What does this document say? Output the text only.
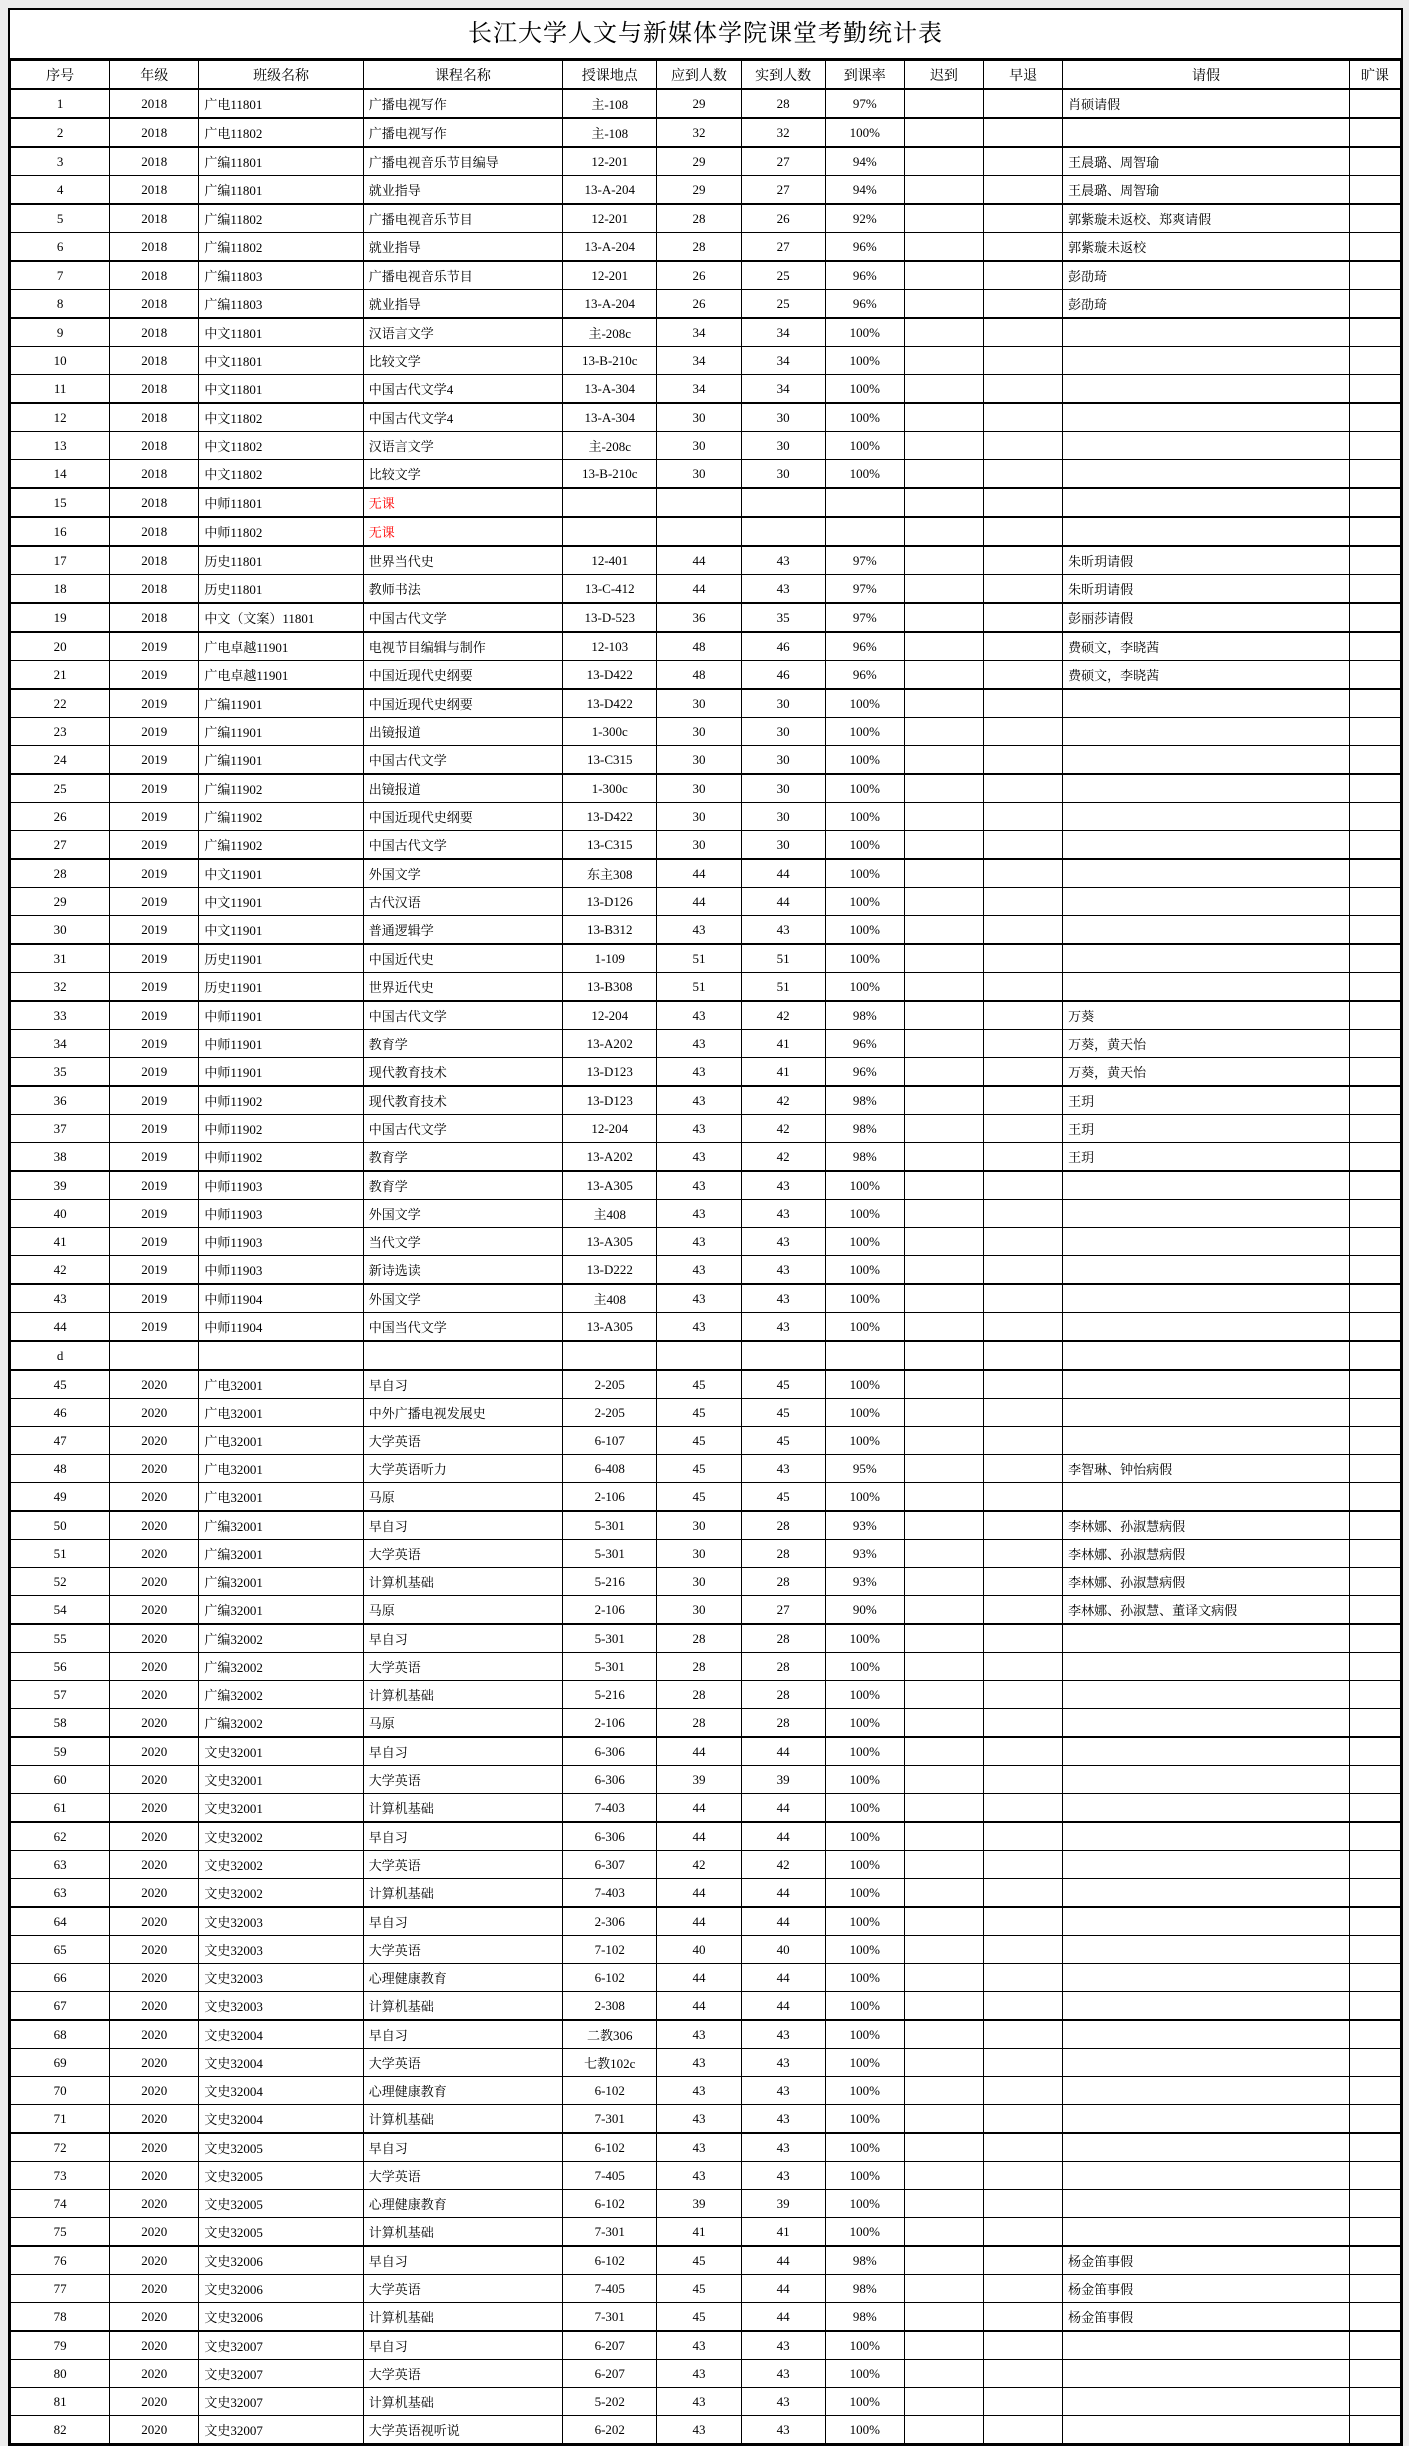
长江大学人文与新媒体学院课堂考勤统计表
序号	年级	班级名称	课程名称	授课地点	应到人数	实到人数	到课率	迟到	早退	请假	旷课
1	2018	广电11801	广播电视写作	主-108	29	28	97%			肖硕请假	
2	2018	广电11802	广播电视写作	主-108	32	32	100%				
3	2018	广编11801	广播电视音乐节目编导	12-201	29	27	94%			王晨璐、周智瑜	
4	2018	广编11801	就业指导	13-A-204	29	27	94%			王晨璐、周智瑜	
5	2018	广编11802	广播电视音乐节目	12-201	28	26	92%			郭紫璇未返校、郑爽请假	
6	2018	广编11802	就业指导	13-A-204	28	27	96%			郭紫璇未返校	
7	2018	广编11803	广播电视音乐节目	12-201	26	25	96%			彭劭琦	
8	2018	广编11803	就业指导	13-A-204	26	25	96%			彭劭琦	
9	2018	中文11801	汉语言文学	主-208c	34	34	100%				
10	2018	中文11801	比较文学	13-B-210c	34	34	100%				
11	2018	中文11801	中国古代文学4	13-A-304	34	34	100%				
12	2018	中文11802	中国古代文学4	13-A-304	30	30	100%				
13	2018	中文11802	汉语言文学	主-208c	30	30	100%				
14	2018	中文11802	比较文学	13-B-210c	30	30	100%				
15	2018	中师11801	无课								
16	2018	中师11802	无课								
17	2018	历史11801	世界当代史	12-401	44	43	97%			朱昕玥请假	
18	2018	历史11801	教师书法	13-C-412	44	43	97%			朱昕玥请假	
19	2018	中文（文案）11801	中国古代文学	13-D-523	36	35	97%			彭丽莎请假	
20	2019	广电卓越11901	电视节目编辑与制作	12-103	48	46	96%			费硕文，李晓茜	
21	2019	广电卓越11901	中国近现代史纲要	13-D422	48	46	96%			费硕文，李晓茜	
22	2019	广编11901	中国近现代史纲要	13-D422	30	30	100%				
23	2019	广编11901	出镜报道	1-300c	30	30	100%				
24	2019	广编11901	中国古代文学	13-C315	30	30	100%				
25	2019	广编11902	出镜报道	1-300c	30	30	100%				
26	2019	广编11902	中国近现代史纲要	13-D422	30	30	100%				
27	2019	广编11902	中国古代文学	13-C315	30	30	100%				
28	2019	中文11901	外国文学	东主308	44	44	100%				
29	2019	中文11901	古代汉语	13-D126	44	44	100%				
30	2019	中文11901	普通逻辑学	13-B312	43	43	100%				
31	2019	历史11901	中国近代史	1-109	51	51	100%				
32	2019	历史11901	世界近代史	13-B308	51	51	100%				
33	2019	中师11901	中国古代文学	12-204	43	42	98%			万葵	
34	2019	中师11901	教育学	13-A202	43	41	96%			万葵，黄天怡	
35	2019	中师11901	现代教育技术	13-D123	43	41	96%			万葵，黄天怡	
36	2019	中师11902	现代教育技术	13-D123	43	42	98%			王玥	
37	2019	中师11902	中国古代文学	12-204	43	42	98%			王玥	
38	2019	中师11902	教育学	13-A202	43	42	98%			王玥	
39	2019	中师11903	教育学	13-A305	43	43	100%				
40	2019	中师11903	外国文学	主408	43	43	100%				
41	2019	中师11903	当代文学	13-A305	43	43	100%				
42	2019	中师11903	新诗选读	13-D222	43	43	100%				
43	2019	中师11904	外国文学	主408	43	43	100%				
44	2019	中师11904	中国当代文学	13-A305	43	43	100%				
d											
45	2020	广电32001	早自习	2-205	45	45	100%				
46	2020	广电32001	中外广播电视发展史	2-205	45	45	100%				
47	2020	广电32001	大学英语	6-107	45	45	100%				
48	2020	广电32001	大学英语听力	6-408	45	43	95%			李智琳、钟怡病假	
49	2020	广电32001	马原	2-106	45	45	100%				
50	2020	广编32001	早自习	5-301	30	28	93%			李林娜、孙淑慧病假	
51	2020	广编32001	大学英语	5-301	30	28	93%			李林娜、孙淑慧病假	
52	2020	广编32001	计算机基础	5-216	30	28	93%			李林娜、孙淑慧病假	
54	2020	广编32001	马原	2-106	30	27	90%			李林娜、孙淑慧、董译文病假	
55	2020	广编32002	早自习	5-301	28	28	100%				
56	2020	广编32002	大学英语	5-301	28	28	100%				
57	2020	广编32002	计算机基础	5-216	28	28	100%				
58	2020	广编32002	马原	2-106	28	28	100%				
59	2020	文史32001	早自习	6-306	44	44	100%				
60	2020	文史32001	大学英语	6-306	39	39	100%				
61	2020	文史32001	计算机基础	7-403	44	44	100%				
62	2020	文史32002	早自习	6-306	44	44	100%				
63	2020	文史32002	大学英语	6-307	42	42	100%				
63	2020	文史32002	计算机基础	7-403	44	44	100%				
64	2020	文史32003	早自习	2-306	44	44	100%				
65	2020	文史32003	大学英语	7-102	40	40	100%				
66	2020	文史32003	心理健康教育	6-102	44	44	100%				
67	2020	文史32003	计算机基础	2-308	44	44	100%				
68	2020	文史32004	早自习	二教306	43	43	100%				
69	2020	文史32004	大学英语	七教102c	43	43	100%				
70	2020	文史32004	心理健康教育	6-102	43	43	100%				
71	2020	文史32004	计算机基础	7-301	43	43	100%				
72	2020	文史32005	早自习	6-102	43	43	100%				
73	2020	文史32005	大学英语	7-405	43	43	100%				
74	2020	文史32005	心理健康教育	6-102	39	39	100%				
75	2020	文史32005	计算机基础	7-301	41	41	100%				
76	2020	文史32006	早自习	6-102	45	44	98%			杨金笛事假	
77	2020	文史32006	大学英语	7-405	45	44	98%			杨金笛事假	
78	2020	文史32006	计算机基础	7-301	45	44	98%			杨金笛事假	
79	2020	文史32007	早自习	6-207	43	43	100%				
80	2020	文史32007	大学英语	6-207	43	43	100%				
81	2020	文史32007	计算机基础	5-202	43	43	100%				
82	2020	文史32007	大学英语视听说	6-202	43	43	100%				
